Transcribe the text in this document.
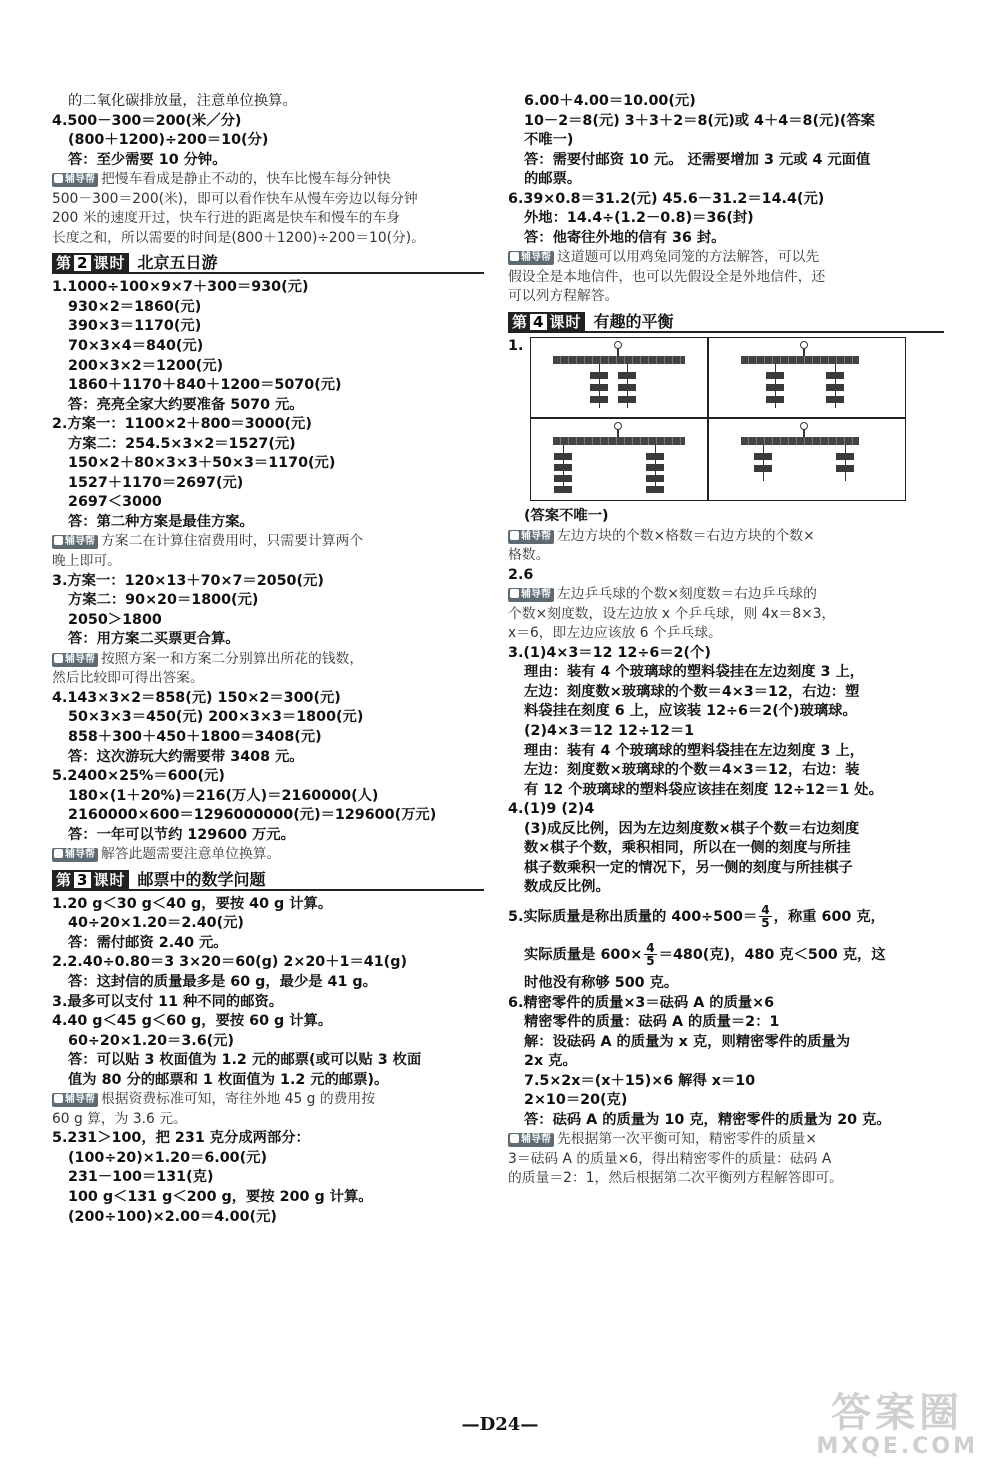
的二氧化碳排放量，注意单位换算。
4.500－300＝200(米／分)
(800＋1200)÷200＝10(分)
答：至少需要 10 分钟。
辅导帮 把慢车看成是静止不动的，快车比慢车每分钟快
500－300＝200(米)，即可以看作快车从慢车旁边以每分钟
200 米的速度开过，快车行进的距离是快车和慢车的车身
长度之和，所以需要的时间是(800＋1200)÷200＝10(分)。
第 2 课时 北京五日游
1.1000÷100×9×7＋300＝930(元)
930×2＝1860(元)
390×3＝1170(元)
70×3×4＝840(元)
200×3×2＝1200(元)
1860＋1170＋840＋1200＝5070(元)
答：亮亮全家大约要准备 5070 元。
2.方案一：1100×2＋800＝3000(元)
方案二：254.5×3×2＝1527(元)
150×2＋80×3×3＋50×3＝1170(元)
1527＋1170＝2697(元)
2697＜3000
答：第二种方案是最佳方案。
辅导帮 方案二在计算住宿费用时，只需要计算两个
晚上即可。
3.方案一：120×13＋70×7＝2050(元)
方案二：90×20＝1800(元)
2050＞1800
答：用方案二买票更合算。
辅导帮 按照方案一和方案二分别算出所花的钱数，
然后比较即可得出答案。
4.143×3×2＝858(元) 150×2＝300(元)
50×3×3＝450(元) 200×3×3＝1800(元)
858＋300＋450＋1800＝3408(元)
答：这次游玩大约需要带 3408 元。
5.2400×25%＝600(元)
180×(1＋20%)＝216(万人)＝2160000(人)
2160000×600＝1296000000(元)＝129600(万元)
答：一年可以节约 129600 万元。
辅导帮 解答此题需要注意单位换算。
第 3 课时 邮票中的数学问题
1.20 g＜30 g＜40 g，要按 40 g 计算。
40÷20×1.20＝2.40(元)
答：需付邮资 2.40 元。
2.2.40÷0.80＝3 3×20＝60(g) 2×20＋1＝41(g)
答：这封信的质量最多是 60 g，最少是 41 g。
3.最多可以支付 11 种不同的邮资。
4.40 g＜45 g＜60 g，要按 60 g 计算。
60÷20×1.20＝3.6(元)
答：可以贴 3 枚面值为 1.2 元的邮票(或可以贴 3 枚面
值为 80 分的邮票和 1 枚面值为 1.2 元的邮票)。
辅导帮 根据资费标准可知，寄往外地 45 g 的费用按
60 g 算，为 3.6 元。
5.231＞100，把 231 克分成两部分：
(100÷20)×1.20＝6.00(元)
231－100＝131(克)
100 g＜131 g＜200 g，要按 200 g 计算。
(200÷100)×2.00＝4.00(元)
6.00＋4.00＝10.00(元)
10－2＝8(元) 3＋3＋2＝8(元)或 4＋4＝8(元)(答案
不唯一)
答：需要付邮资 10 元。 还需要增加 3 元或 4 元面值
的邮票。
6.39×0.8＝31.2(元) 45.6－31.2＝14.4(元)
外地：14.4÷(1.2－0.8)＝36(封)
答：他寄往外地的信有 36 封。
辅导帮 这道题可以用鸡兔同笼的方法解答，可以先
假设全是本地信件，也可以先假设全是外地信件，还
可以列方程解答。
第 4 课时 有趣的平衡
1.
(答案不唯一)
辅导帮 左边方块的个数×格数＝右边方块的个数×
格数。
2.6
辅导帮 左边乒乓球的个数×刻度数＝右边乒乓球的
个数×刻度数，设左边放 x 个乒乓球，则 4x＝8×3，
x＝6，即左边应该放 6 个乒乓球。
3.(1)4×3＝12 12÷6＝2(个)
理由：装有 4 个玻璃球的塑料袋挂在左边刻度 3 上，
左边：刻度数×玻璃球的个数＝4×3＝12，右边：塑
料袋挂在刻度 6 上，应该装 12÷6＝2(个)玻璃球。
(2)4×3＝12 12÷12＝1
理由：装有 4 个玻璃球的塑料袋挂在左边刻度 3 上，
左边：刻度数×玻璃球的个数＝4×3＝12，右边：装
有 12 个玻璃球的塑料袋应该挂在刻度 12÷12＝1 处。
4.(1)9 (2)4
(3)成反比例，因为左边刻度数×棋子个数＝右边刻度
数×棋子个数，乘积相同，所以在一侧的刻度与所挂
棋子数乘积一定的情况下，另一侧的刻度与所挂棋子
数成反比例。
5.实际质量是称出质量的 $400\div 500= \frac{4}{5}$ ，称重 600 克，
实际质量是 $600\times \frac{4}{5} =480$(克)，480 克＜500 克，这
时他没有称够 500 克。
6.精密零件的质量×3＝砝码 A 的质量×6
精密零件的质量：砝码 A 的质量＝2：1
解：设砝码 A 的质量为 x 克，则精密零件的质量为
2x 克。
7.5×2x＝(x＋15)×6 解得 x＝10
2×10＝20(克)
答：砝码 A 的质量为 10 克，精密零件的质量为 20 克。
辅导帮 先根据第一次平衡可知，精密零件的质量×
3＝砝码 A 的质量×6，得出精密零件的质量：砝码 A
的质量＝2：1，然后根据第二次平衡列方程解答即可。
—D24—	答案圈
MXQE.COM
